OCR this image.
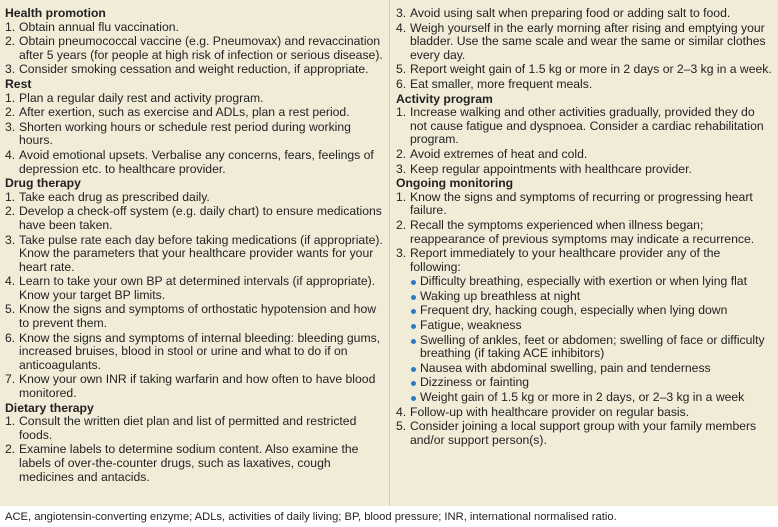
Health promotion
1. Obtain annual flu vaccination.
2. Obtain pneumococcal vaccine (e.g. Pneumovax) and revaccination after 5 years (for people at high risk of infection or serious disease).
3. Consider smoking cessation and weight reduction, if appropriate.
Rest
1. Plan a regular daily rest and activity program.
2. After exertion, such as exercise and ADLs, plan a rest period.
3. Shorten working hours or schedule rest period during working hours.
4. Avoid emotional upsets. Verbalise any concerns, fears, feelings of depression etc. to healthcare provider.
Drug therapy
1. Take each drug as prescribed daily.
2. Develop a check-off system (e.g. daily chart) to ensure medications have been taken.
3. Take pulse rate each day before taking medications (if appropriate). Know the parameters that your healthcare provider wants for your heart rate.
4. Learn to take your own BP at determined intervals (if appropriate). Know your target BP limits.
5. Know the signs and symptoms of orthostatic hypotension and how to prevent them.
6. Know the signs and symptoms of internal bleeding: bleeding gums, increased bruises, blood in stool or urine and what to do if on anticoagulants.
7. Know your own INR if taking warfarin and how often to have blood monitored.
Dietary therapy
1. Consult the written diet plan and list of permitted and restricted foods.
2. Examine labels to determine sodium content. Also examine the labels of over-the-counter drugs, such as laxatives, cough medicines and antacids.
3. Avoid using salt when preparing food or adding salt to food.
4. Weigh yourself in the early morning after rising and emptying your bladder. Use the same scale and wear the same or similar clothes every day.
5. Report weight gain of 1.5 kg or more in 2 days or 2–3 kg in a week.
6. Eat smaller, more frequent meals.
Activity program
1. Increase walking and other activities gradually, provided they do not cause fatigue and dyspnoea. Consider a cardiac rehabilitation program.
2. Avoid extremes of heat and cold.
3. Keep regular appointments with healthcare provider.
Ongoing monitoring
1. Know the signs and symptoms of recurring or progressing heart failure.
2. Recall the symptoms experienced when illness began; reappearance of previous symptoms may indicate a recurrence.
3. Report immediately to your healthcare provider any of the following:
Difficulty breathing, especially with exertion or when lying flat
Waking up breathless at night
Frequent dry, hacking cough, especially when lying down
Fatigue, weakness
Swelling of ankles, feet or abdomen; swelling of face or difficulty breathing (if taking ACE inhibitors)
Nausea with abdominal swelling, pain and tenderness
Dizziness or fainting
Weight gain of 1.5 kg or more in 2 days, or 2–3 kg in a week
4. Follow-up with healthcare provider on regular basis.
5. Consider joining a local support group with your family members and/or support person(s).
ACE, angiotensin-converting enzyme; ADLs, activities of daily living; BP, blood pressure; INR, international normalised ratio.
